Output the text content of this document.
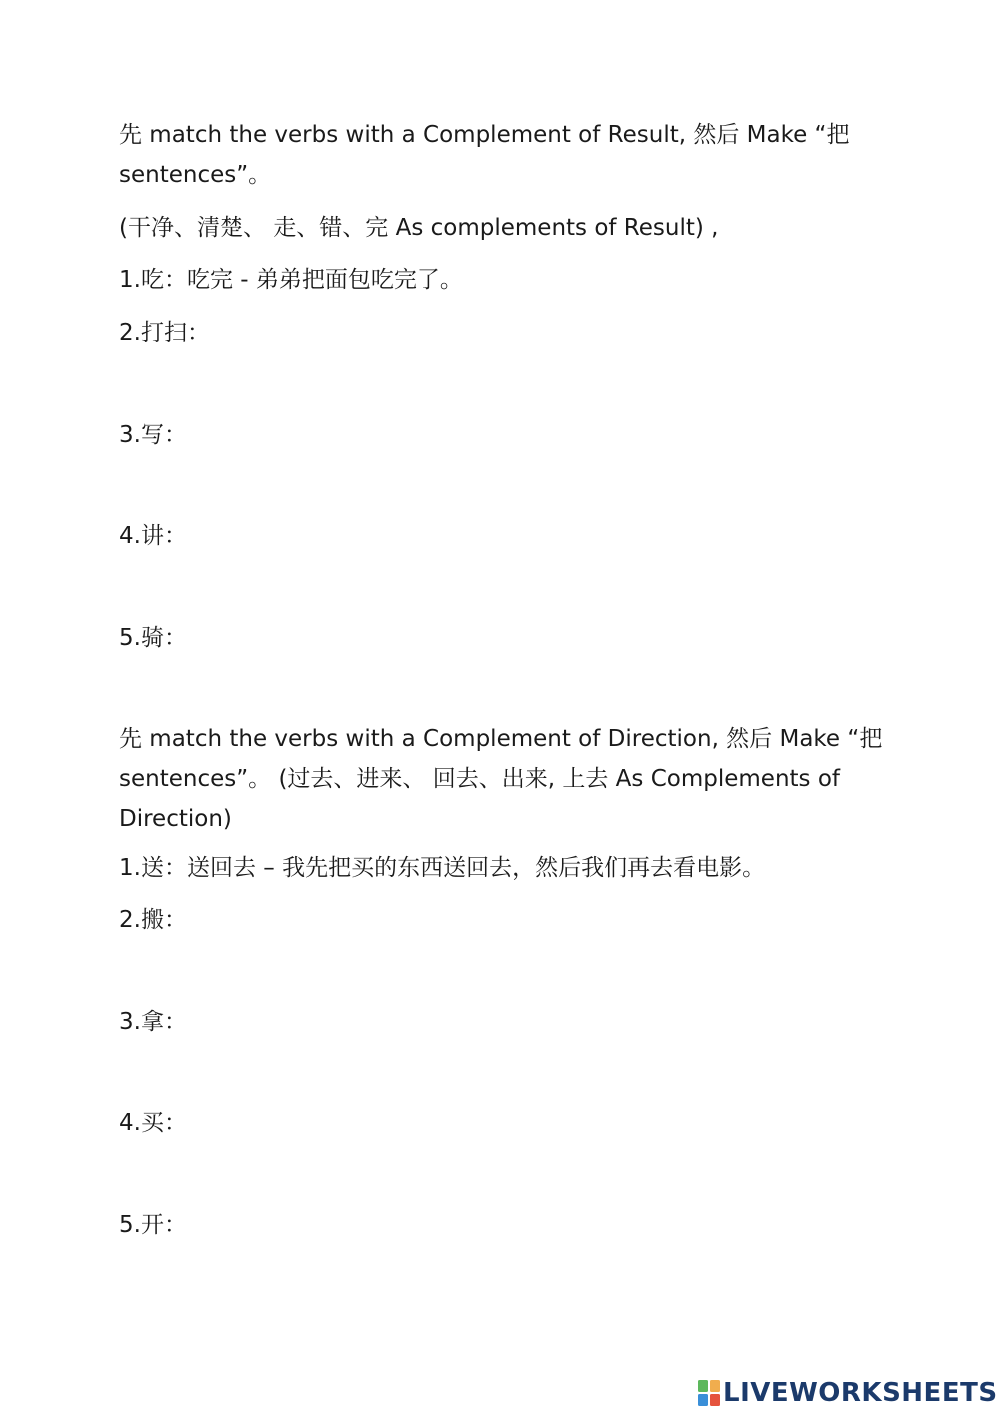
先 match the verbs with a Complement of Result, 然后 Make “把
sentences”。
(干净、清楚、 走、错、完 As complements of Result) ,
1.吃：吃完 - 弟弟把面包吃完了。
2.打扫：
3.写：
4.讲：
5.骑：
先 match the verbs with a Complement of Direction, 然后 Make “把
sentences”。 (过去、进来、 回去、出来, 上去 As Complements of
Direction)
1.送：送回去 – 我先把买的东西送回去，然后我们再去看电影。
2.搬：
3.拿：
4.买：
5.开：
LIVEWORKSHEETS
